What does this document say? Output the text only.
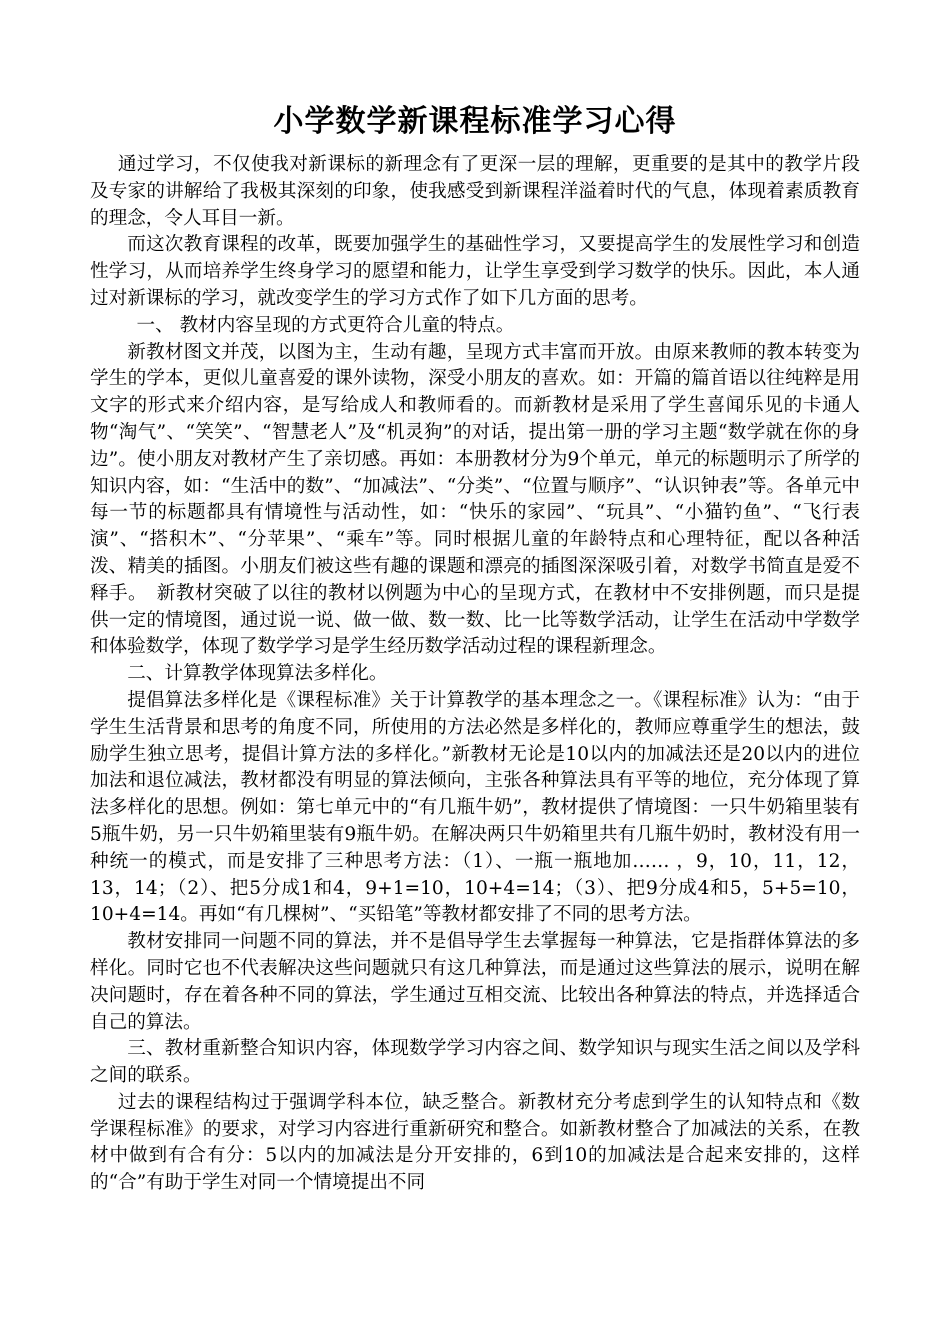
小学数学新课程标准学习心得

通过学习，不仅使我对新课标的新理念有了更深一层的理解，更重要的是其中的教学片段及专家的讲解给了我极其深刻的印象，使我感受到新课程洋溢着时代的气息，体现着素质教育的理念，令人耳目一新。

而这次教育课程的改革，既要加强学生的基础性学习，又要提高学生的发展性学习和创造性学习，从而培养学生终身学习的愿望和能力，让学生享受到学习数学的快乐。因此，本人通过对新课标的学习，就改变学生的学习方式作了如下几方面的思考。

一、 教材内容呈现的方式更符合儿童的特点。

新教材图文并茂，以图为主，生动有趣，呈现方式丰富而开放。由原来教师的教本转变为学生的学本，更似儿童喜爱的课外读物，深受小朋友的喜欢。如：开篇的篇首语以往纯粹是用文字的形式来介绍内容，是写给成人和教师看的。而新教材是采用了学生喜闻乐见的卡通人物“淘气”、“笑笑”、“智慧老人”及“机灵狗”的对话，提出第一册的学习主题“数学就在你的身边”。使小朋友对教材产生了亲切感。再如：本册教材分为9个单元，单元的标题明示了所学的知识内容，如：“生活中的数”、“加减法”、“分类”、“位置与顺序”、“认识钟表”等。各单元中每一节的标题都具有情境性与活动性，如：“快乐的家园”、“玩具”、“小猫钓鱼”、“飞行表演”、“搭积木”、“分苹果”、“乘车”等。同时根据儿童的年龄特点和心理特征，配以各种活泼、精美的插图。小朋友们被这些有趣的课题和漂亮的插图深深吸引着，对数学书简直是爱不释手。　新教材突破了以往的教材以例题为中心的呈现方式，在教材中不安排例题，而只是提供一定的情境图，通过说一说、做一做、数一数、比一比等数学活动，让学生在活动中学数学和体验数学，体现了数学学习是学生经历数学活动过程的课程新理念。

二、计算教学体现算法多样化。

提倡算法多样化是《课程标准》关于计算教学的基本理念之一。《课程标准》认为：“由于学生生活背景和思考的角度不同，所使用的方法必然是多样化的，教师应尊重学生的想法，鼓励学生独立思考，提倡计算方法的多样化。”新教材无论是10以内的加减法还是20以内的进位加法和退位减法，教材都没有明显的算法倾向，主张各种算法具有平等的地位，充分体现了算法多样化的思想。例如：第七单元中的“有几瓶牛奶”，教材提供了情境图：一只牛奶箱里装有5瓶牛奶，另一只牛奶箱里装有9瓶牛奶。在解决两只牛奶箱里共有几瓶牛奶时，教材没有用一种统一的模式，而是安排了三种思考方法：（1）、一瓶一瓶地加…… ，9，10，11，12，13，14；（2）、把5分成1和4，9+1=10，10+4=14；（3）、把9分成4和5，5+5=10，10+4=14。再如“有几棵树”、“买铅笔”等教材都安排了不同的思考方法。

教材安排同一问题不同的算法，并不是倡导学生去掌握每一种算法，它是指群体算法的多样化。同时它也不代表解决这些问题就只有这几种算法，而是通过这些算法的展示，说明在解决问题时，存在着各种不同的算法，学生通过互相交流、比较出各种算法的特点，并选择适合自己的算法。

三、教材重新整合知识内容，体现数学学习内容之间、数学知识与现实生活之间以及学科之间的联系。

过去的课程结构过于强调学科本位，缺乏整合。新教材充分考虑到学生的认知特点和《数学课程标准》的要求，对学习内容进行重新研究和整合。如新教材整合了加减法的关系，在教材中做到有合有分：5以内的加减法是分开安排的，6到10的加减法是合起来安排的，这样的“合”有助于学生对同一个情境提出不同
